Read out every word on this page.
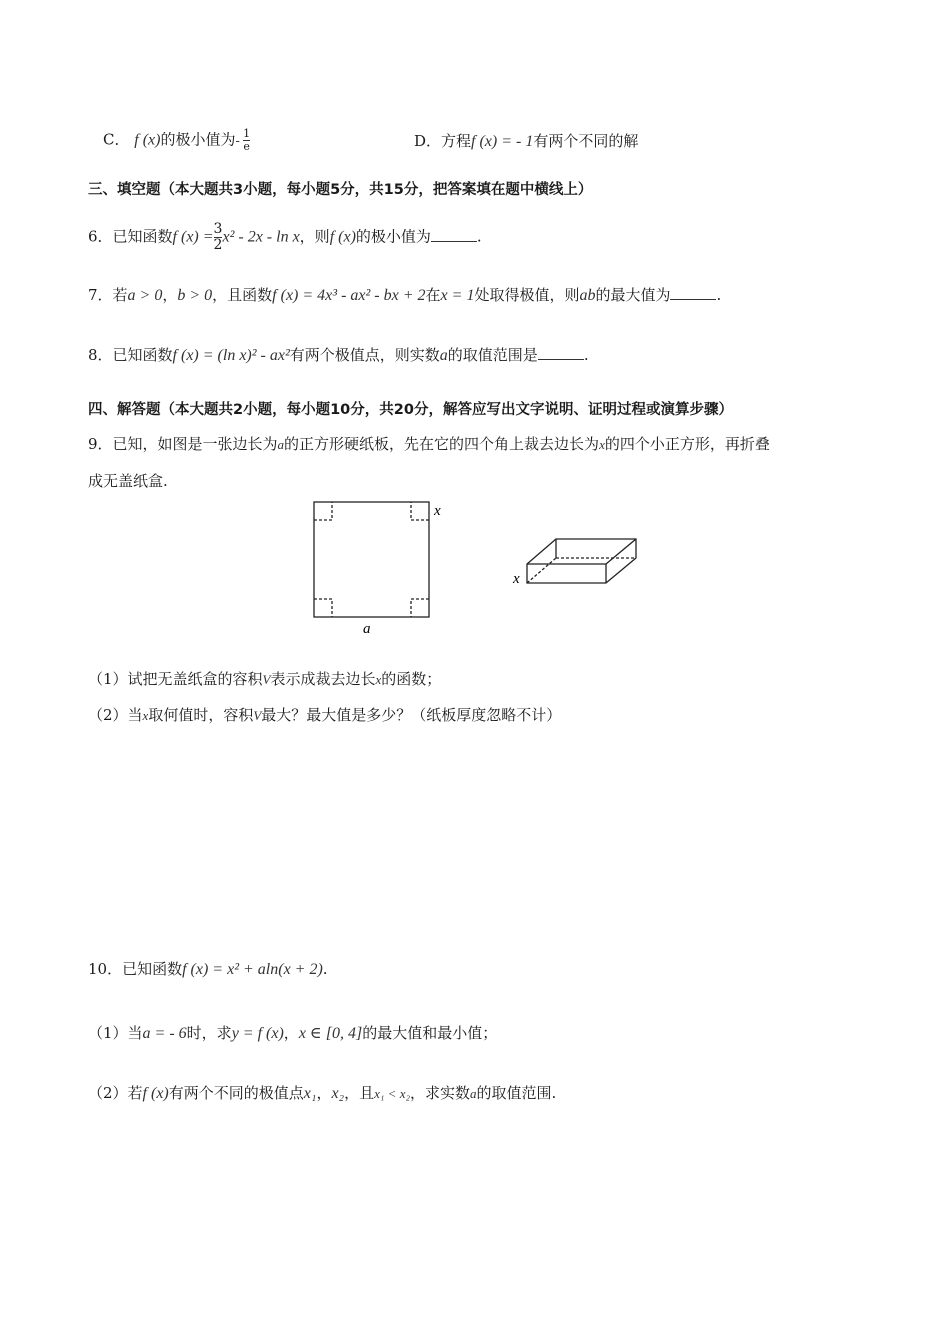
C． f (x)的极小值为- $\frac{1}{e}$	D．方程f (x) = - 1有两个不同的解
三、填空题（本大题共3小题，每小题5分，共15分，把答案填在题中横线上）
6．已知函数f $(x) = \frac{3}{2} x^2 - 2x - \ln x$，则f (x)的极小值为	.
7．若a > 0，b > 0，且函数f (x) = 4x³ - ax² - bx + 2在x = 1处取得极值，则ab的最大值为	.
8．已知函数f (x) = (ln x)² - ax²有两个极值点，则实数a的取值范围是	.
四、解答题（本大题共2小题，每小题10分，共20分，解答应写出文字说明、证明过程或演算步骤）
9．已知，如图是一张边长为a的正方形硬纸板，先在它的四个角上裁去边长为x的四个小正方形，再折叠
成无盖纸盒.
x
a
x
（1）试把无盖纸盒的容积V表示成裁去边长x的函数；
（2）当x取何值时，容积V最大？最大值是多少？（纸板厚度忽略不计）
10．已知函数f (x) = x² + aln(x + 2).
（1）当a = - 6时，求y = f (x)，x ∈ [0, 4]的最大值和最小值；
（2）若f (x)有两个不同的极值点x₁，x₂，且x₁ < x₂，求实数a的取值范围.
